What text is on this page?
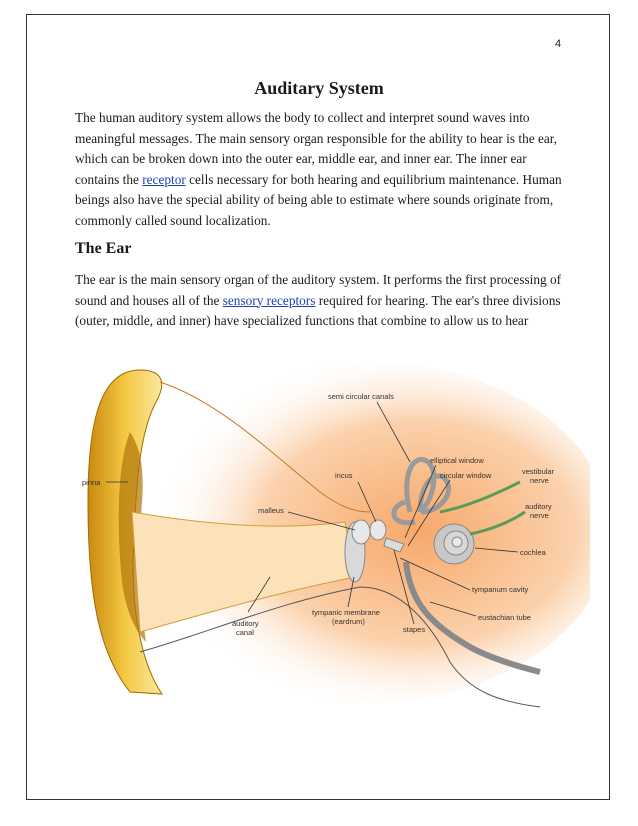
4
Auditary System

The human auditory system allows the body to collect and interpret sound waves into meaningful messages. The main sensory organ responsible for the ability to hear is the ear, which can be broken down into the outer ear, middle ear, and inner ear. The inner ear contains the receptor cells necessary for both hearing and equilibrium maintenance. Human beings also have the special ability of being able to estimate where sounds originate from, commonly called sound localization.

The Ear

The ear is the main sensory organ of the auditory system. It performs the first processing of sound and houses all of the sensory receptors required for hearing. The ear's three divisions (outer, middle, and inner) have specialized functions that combine to allow us to hear

pinna
semi circular canals
incus
elliptical window
circular window	vestibular
nerve
auditory
nerve
malleus
cochlea
tympanum cavity
tympanic membrane
(eardrum)
stapes
eustachian tube
auditory
canal
